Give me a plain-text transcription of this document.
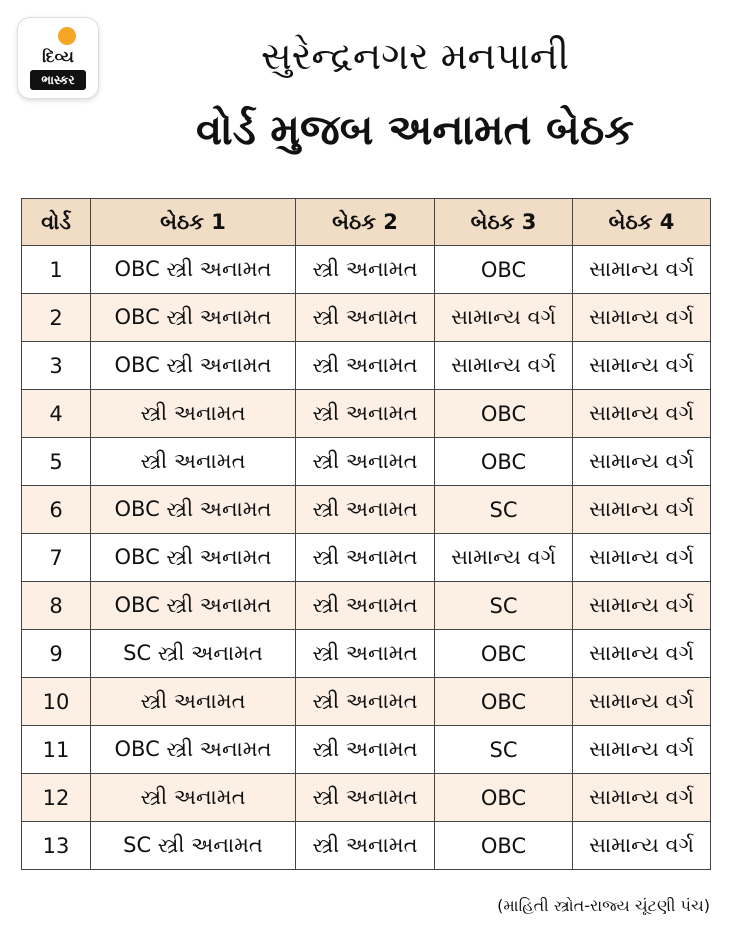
દિવ્ય
ભાસ્કર
સુરેન્દ્રનગર મનપાની
વોર્ડ મુજબ અનામત બેઠક
વોર્ડ	બેઠક 1	બેઠક 2	બેઠક 3	બેઠક 4
1	OBC સ્ત્રી અનામત	સ્ત્રી અનામત	OBC	સામાન્ય વર્ગ
2	OBC સ્ત્રી અનામત	સ્ત્રી અનામત	સામાન્ય વર્ગ	સામાન્ય વર્ગ
3	OBC સ્ત્રી અનામત	સ્ત્રી અનામત	સામાન્ય વર્ગ	સામાન્ય વર્ગ
4	સ્ત્રી અનામત	સ્ત્રી અનામત	OBC	સામાન્ય વર્ગ
5	સ્ત્રી અનામત	સ્ત્રી અનામત	OBC	સામાન્ય વર્ગ
6	OBC સ્ત્રી અનામત	સ્ત્રી અનામત	SC	સામાન્ય વર્ગ
7	OBC સ્ત્રી અનામત	સ્ત્રી અનામત	સામાન્ય વર્ગ	સામાન્ય વર્ગ
8	OBC સ્ત્રી અનામત	સ્ત્રી અનામત	SC	સામાન્ય વર્ગ
9	SC સ્ત્રી અનામત	સ્ત્રી અનામત	OBC	સામાન્ય વર્ગ
10	સ્ત્રી અનામત	સ્ત્રી અનામત	OBC	સામાન્ય વર્ગ
11	OBC સ્ત્રી અનામત	સ્ત્રી અનામત	SC	સામાન્ય વર્ગ
12	સ્ત્રી અનામત	સ્ત્રી અનામત	OBC	સામાન્ય વર્ગ
13	SC સ્ત્રી અનામત	સ્ત્રી અનામત	OBC	સામાન્ય વર્ગ
(માહિતી સ્ત્રોત-રાજ્ય ચૂંટણી પંચ)
